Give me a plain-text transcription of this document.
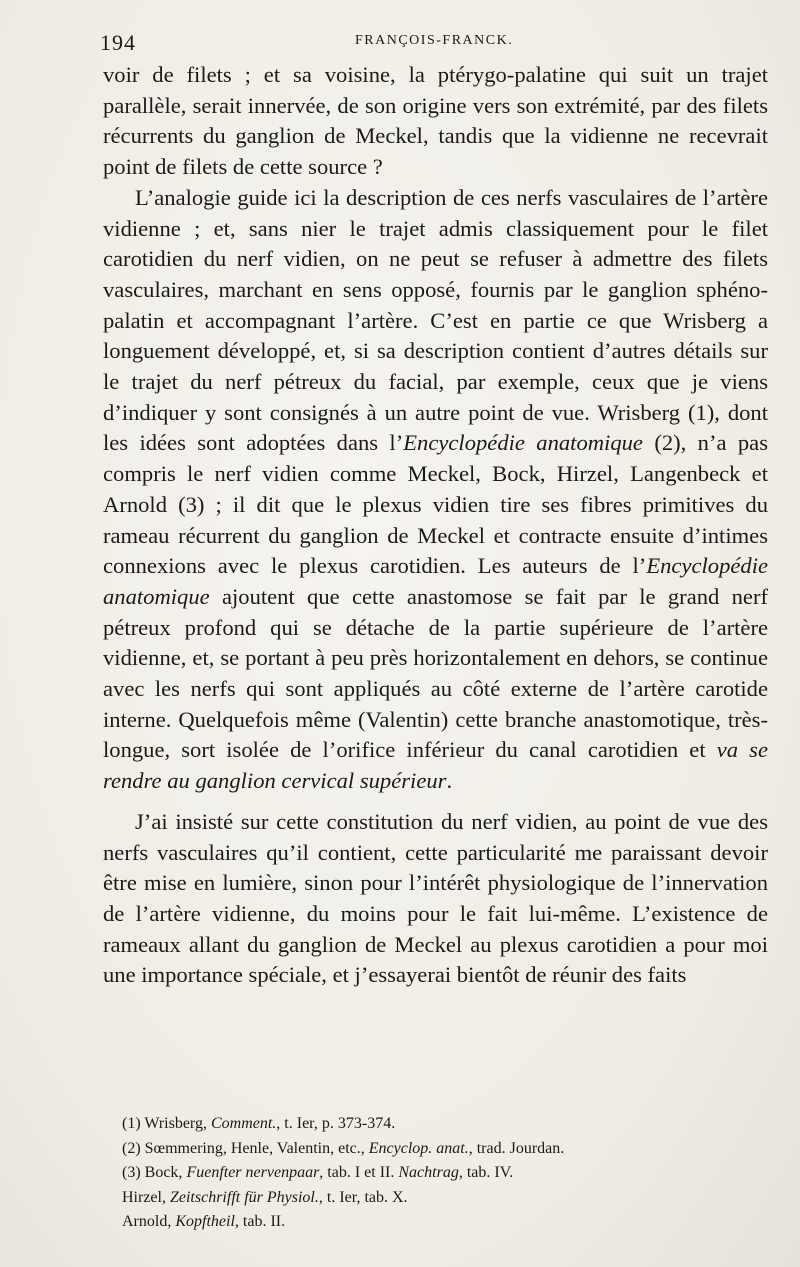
194	FRANÇOIS-FRANCK.

voir de filets ; et sa voisine, la ptérygo-palatine qui suit un trajet parallèle, serait innervée, de son origine vers son extrémité, par des filets récurrents du ganglion de Meckel, tandis que la vidienne ne recevrait point de filets de cette source ?

L’analogie guide ici la description de ces nerfs vasculaires de l’artère vidienne ; et, sans nier le trajet admis classiquement pour le filet carotidien du nerf vidien, on ne peut se refuser à admettre des filets vasculaires, marchant en sens opposé, fournis par le ganglion sphéno-palatin et accompagnant l’artère. C’est en partie ce que Wrisberg a longuement développé, et, si sa description contient d’autres détails sur le trajet du nerf pétreux du facial, par exemple, ceux que je viens d’indiquer y sont consignés à un autre point de vue. Wrisberg (1), dont les idées sont adoptées dans l’Encyclopédie anatomique (2), n’a pas compris le nerf vidien comme Meckel, Bock, Hirzel, Langenbeck et Arnold (3) ; il dit que le plexus vidien tire ses fibres primitives du rameau récurrent du ganglion de Meckel et contracte ensuite d’intimes connexions avec le plexus carotidien. Les auteurs de l’Encyclopédie anatomique ajoutent que cette anastomose se fait par le grand nerf pétreux profond qui se détache de la partie supérieure de l’artère vidienne, et, se portant à peu près horizontalement en dehors, se continue avec les nerfs qui sont appliqués au côté externe de l’artère carotide interne. Quelquefois même (Valentin) cette branche anastomotique, très-longue, sort isolée de l’orifice inférieur du canal carotidien et va se rendre au ganglion cervical supérieur.

J’ai insisté sur cette constitution du nerf vidien, au point de vue des nerfs vasculaires qu’il contient, cette particularité me paraissant devoir être mise en lumière, sinon pour l’intérêt physiologique de l’innervation de l’artère vidienne, du moins pour le fait lui-même. L’existence de rameaux allant du ganglion de Meckel au plexus carotidien a pour moi une importance spéciale, et j’essayerai bientôt de réunir des faits

(1) Wrisberg, Comment., t. Ier, p. 373-374.

(2) Sœmmering, Henle, Valentin, etc., Encyclop. anat., trad. Jourdan.

(3) Bock, Fuenfter nervenpaar, tab. I et II. Nachtrag, tab. IV.

Hirzel, Zeitschrifft für Physiol., t. Ier, tab. X.

Arnold, Kopftheil, tab. II.
